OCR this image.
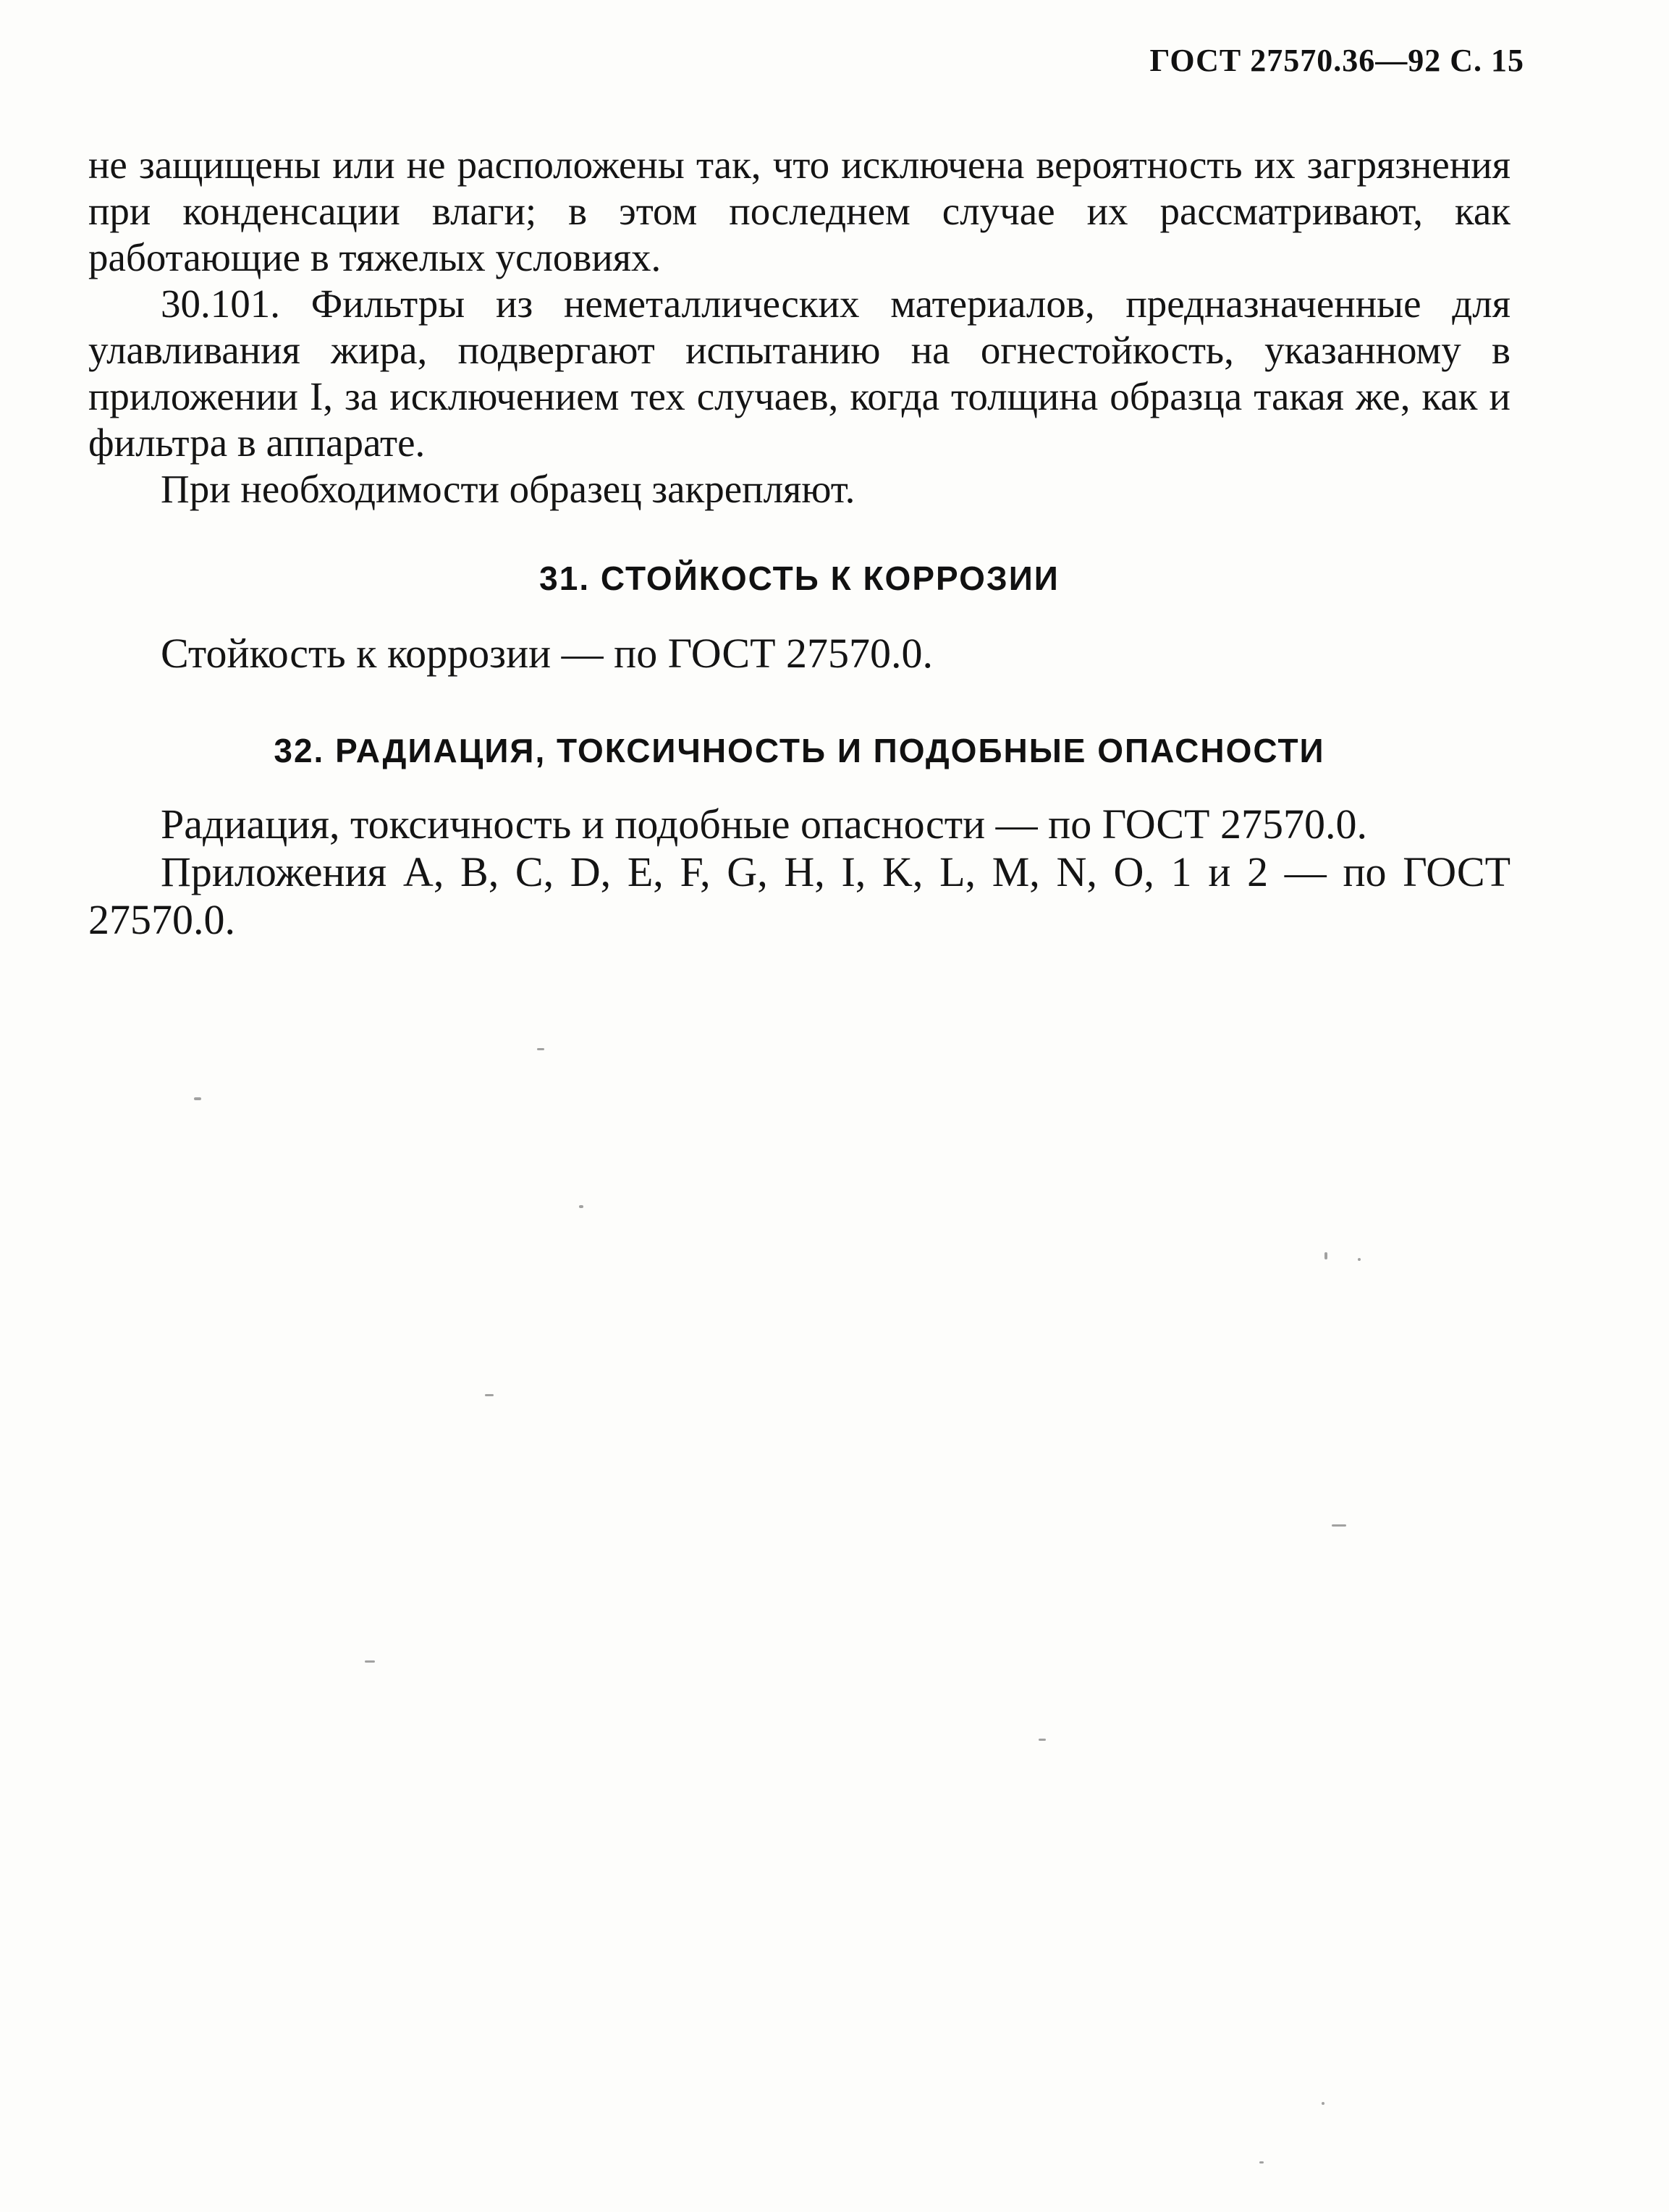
ГОСТ 27570.36—92 С. 15

не защищены или не расположены так, что исключена вероятность их загрязнения при конденсации влаги; в этом последнем случае их рассматривают, как работающие в тяжелых условиях.

30.101. Фильтры из неметаллических материалов, предназначенные для улавливания жира, подвергают испытанию на огнестойкость, указанному в приложении I, за исключением тех случаев, когда толщина образца такая же, как и фильтра в аппарате.

При необходимости образец закрепляют.

31. СТОЙКОСТЬ К КОРРОЗИИ

Стойкость к коррозии — по ГОСТ 27570.0.

32. РАДИАЦИЯ, ТОКСИЧНОСТЬ И ПОДОБНЫЕ ОПАСНОСТИ

Радиация, токсичность и подобные опасности — по ГОСТ 27570.0.

Приложения A, B, C, D, E, F, G, H, I, K, L, M, N, O, 1 и 2 — по ГОСТ 27570.0.
